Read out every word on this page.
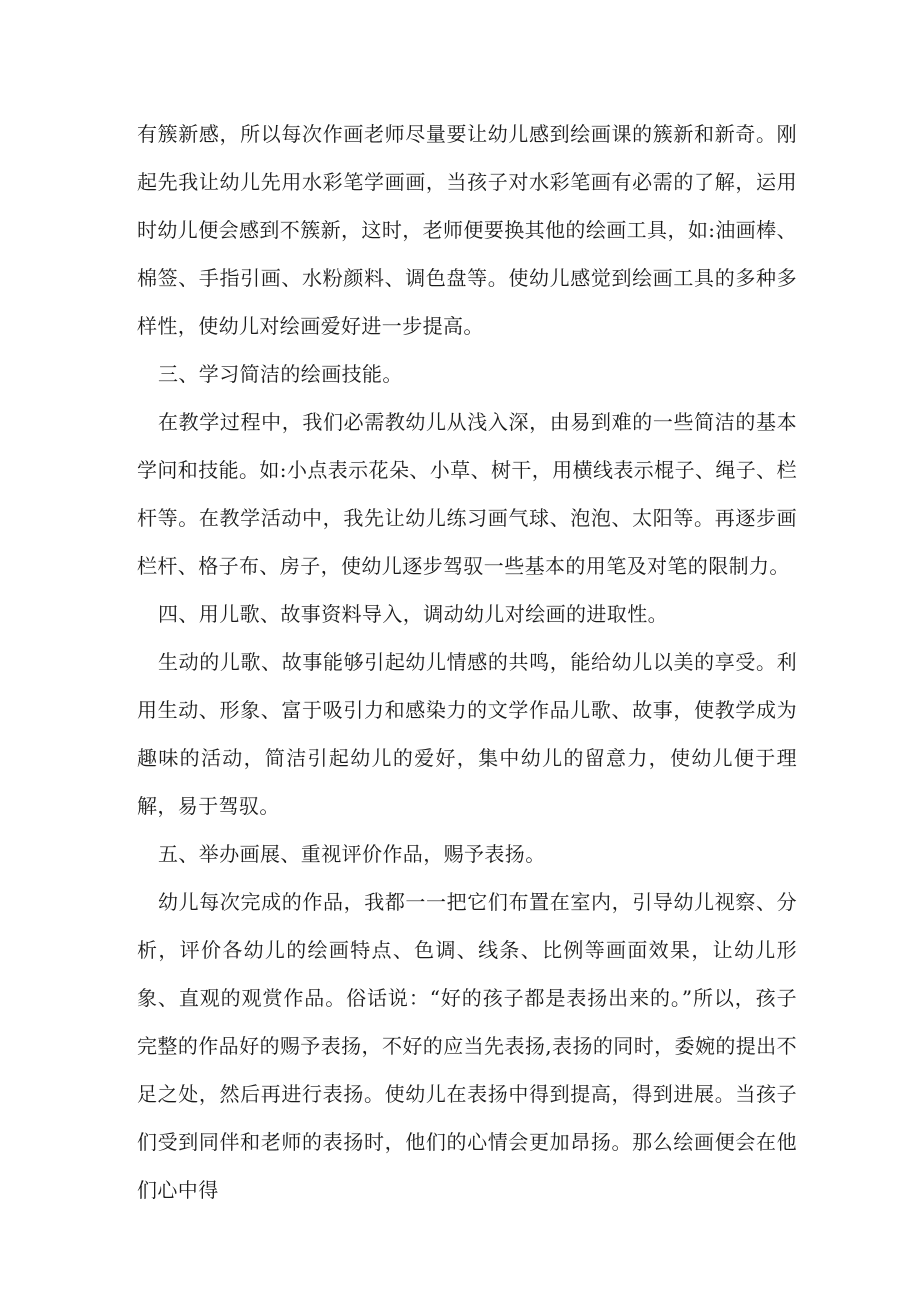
有簇新感，所以每次作画老师尽量要让幼儿感到绘画课的簇新和新奇。刚起先我让幼儿先用水彩笔学画画，当孩子对水彩笔画有必需的了解，运用时幼儿便会感到不簇新，这时，老师便要换其他的绘画工具，如:油画棒、棉签、手指引画、水粉颜料、调色盘等。使幼儿感觉到绘画工具的多种多样性，使幼儿对绘画爱好进一步提高。

三、学习简洁的绘画技能。

在教学过程中，我们必需教幼儿从浅入深，由易到难的一些简洁的基本学问和技能。如:小点表示花朵、小草、树干，用横线表示棍子、绳子、栏杆等。在教学活动中，我先让幼儿练习画气球、泡泡、太阳等。再逐步画栏杆、格子布、房子，使幼儿逐步驾驭一些基本的用笔及对笔的限制力。

四、用儿歌、故事资料导入，调动幼儿对绘画的进取性。

生动的儿歌、故事能够引起幼儿情感的共鸣，能给幼儿以美的享受。利用生动、形象、富于吸引力和感染力的文学作品儿歌、故事，使教学成为趣味的活动，简洁引起幼儿的爱好，集中幼儿的留意力，使幼儿便于理解，易于驾驭。

五、举办画展、重视评价作品，赐予表扬。

幼儿每次完成的作品，我都一一把它们布置在室内，引导幼儿视察、分析，评价各幼儿的绘画特点、色调、线条、比例等画面效果，让幼儿形象、直观的观赏作品。俗话说：“好的孩子都是表扬出来的。”所以，孩子完整的作品好的赐予表扬，不好的应当先表扬,表扬的同时，委婉的提出不足之处，然后再进行表扬。使幼儿在表扬中得到提高，得到进展。当孩子们受到同伴和老师的表扬时，他们的心情会更加昂扬。那么绘画便会在他们心中得
